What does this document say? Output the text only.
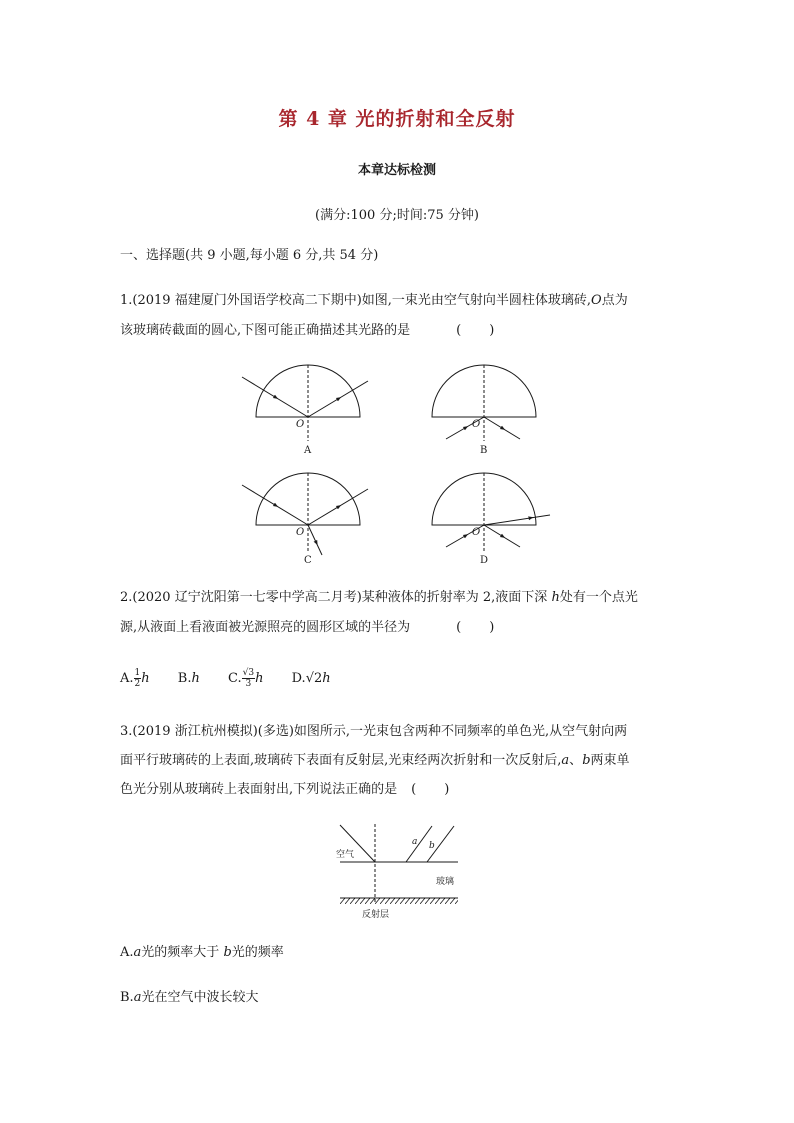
第 4 章 光的折射和全反射
本章达标检测
(满分:100 分;时间:75 分钟)
一、选择题(共 9 小题,每小题 6 分,共 54 分)
1.(2019 福建厦门外国语学校高二下期中)如图,一束光由空气射向半圆柱体玻璃砖,O点为
该玻璃砖截面的圆心,下图可能正确描述其光路的是	( )
O	O
O	O
A	B
C	D
2.(2020 辽宁沈阳第一七零中学高二月考)某种液体的折射率为 2,液面下深 h处有一个点光
源,从液面上看液面被光源照亮的圆形区域的半径为	( )
A. $\frac{1}{2}$ h B.h C. $\frac{√3}{3}$ h D.√2h
3.(2019 浙江杭州模拟)(多选)如图所示,一光束包含两种不同频率的单色光,从空气射向两
面平行玻璃砖的上表面,玻璃砖下表面有反射层,光束经两次折射和一次反射后,a、b两束单
色光分别从玻璃砖上表面射出,下列说法正确的是 ( )
空气
玻璃
反射层
a b
A.a光的频率大于 b光的频率
B.a光在空气中波长较大
